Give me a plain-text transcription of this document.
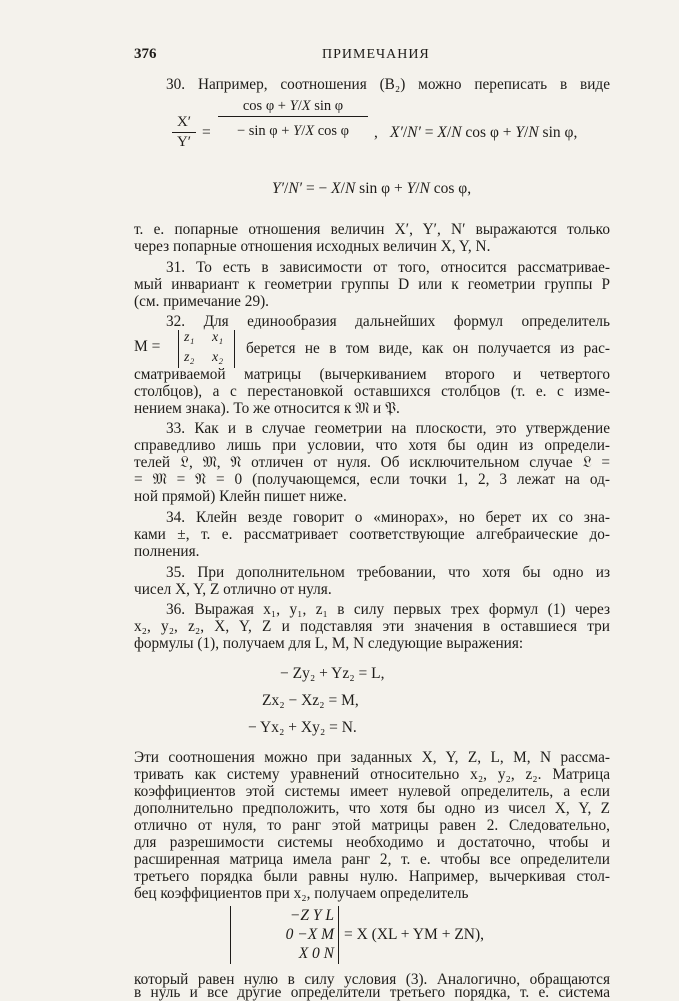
376	ПРИМЕЧАНИЯ
30. Например, соотношения (B₂) можно переписать в виде
$\frac{X'}{Y'} = \frac{\text{cos φ + Y/X sin φ}}{\text{− sin φ + Y/X cos φ}}$ , X′/N′ = X/N cos φ + Y/N sin φ,
Y′/N′ = − X/N sin φ + Y/N cos φ,
т. е. попарные отношения величин X′, Y′, N′ выражаются только
через попарные отношения исходных величин X, Y, N.
31. То есть в зависимости от того, относится рассматривае-
мый инвариант к геометрии группы D или к геометрии группы P
(см. примечание 29).
32. Для единообразия дальнейших формул определитель
M =
z₁ x₁
z₂ x₂
берется не в том виде, как он получается из рас-
сматриваемой матрицы (вычеркиванием второго и четвертого
столбцов), а с перестановкой оставшихся столбцов (т. е. с изме-
нением знака). То же относится к 𝔐 и 𝔓.
33. Как и в случае геометрии на плоскости, это утверждение
справедливо лишь при условии, что хотя бы один из определи-
телей 𝔏, 𝔐, 𝔑 отличен от нуля. Об исключительном случае 𝔏 =
= 𝔐 = 𝔑 = 0 (получающемся, если точки 1, 2, 3 лежат на од-
ной прямой) Клейн пишет ниже.
34. Клейн везде говорит о «минорах», но берет их со зна-
ками ±, т. е. рассматривает соответствующие алгебраические до-
полнения.
35. При дополнительном требовании, что хотя бы одно из
чисел X, Y, Z отлично от нуля.
36. Выражая x₁, y₁, z₁ в силу первых трех формул (1) через
x₂, y₂, z₂, X, Y, Z и подставляя эти значения в оставшиеся три
формулы (1), получаем для L, M, N следующие выражения:
− Zy₂ + Yz₂ = L,
Zx₂ − Xz₂ = M,
− Yx₂ + Xy₂ = N.
Эти соотношения можно при заданных X, Y, Z, L, M, N рассма-
тривать как систему уравнений относительно x₂, y₂, z₂. Матрица
коэффициентов этой системы имеет нулевой определитель, а если
дополнительно предположить, что хотя бы одно из чисел X, Y, Z
отлично от нуля, то ранг этой матрицы равен 2. Следовательно,
для разрешимости системы необходимо и достаточно, чтобы и
расширенная матрица имела ранг 2, т. е. чтобы все определители
третьего порядка были равны нулю. Например, вычеркивая стол-
бец коэффициентов при x₂, получаем определитель
−Z Y L
0 −X M
X 0 N
= X (XL + YM + ZN),
который равен нулю в силу условия (3). Аналогично, обращаются
в нуль и все другие определители третьего порядка, т. е. система
